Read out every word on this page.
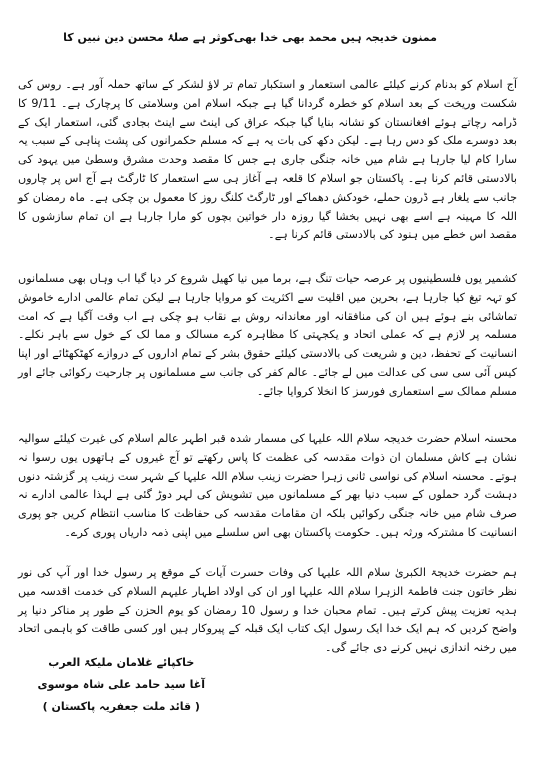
ممنون خدیجہ ہیں محمد بھی خدا بھی
کوثر ہے صلۂ محسن دین نبیں کا

آج اسلام کو بدنام کرنے کیلئے عالمی استعمار و استکبار تمام تر لاؤ لشکر کے ساتھ حملہ آور ہے۔ روس کی شکست وریخت کے بعد اسلام کو خطرہ گردانا گیا ہے جبکہ اسلام امن وسلامتی کا پرچارک ہے۔ 9/11 کا ڈرامہ رچاتے ہوئے افغانستان کو نشانہ بنایا گیا جبکہ عراق کی اینٹ سے اینٹ بجادی گئی، استعمار ایک کے بعد دوسرے ملک کو دس رہا ہے۔ لیکن دکھ کی بات یہ ہے کہ مسلم حکمرانوں کی پشت پناہی کے سبب یہ سارا کام لیا جارہا ہے شام میں خانہ جنگی جاری ہے جس کا مقصد وحدت مشرق وسطیٰ میں یہود کی بالادستی قائم کرنا ہے۔ پاکستان جو اسلام کا قلعہ ہے آغاز ہی سے استعمار کا ٹارگٹ ہے آج اس پر چاروں جانب سے یلغار ہے ڈرون حملے، خودکش دھماکے اور ٹارگٹ کلنگ روز کا معمول بن چکی ہے۔ ماہ رمضان کو اللہ کا مہینہ ہے اسے بھی نہیں بخشا گیا روزہ دار خواتین بچوں کو مارا جارہا ہے ان تمام سازشوں کا مقصد اس خطے میں ہنود کی بالادستی قائم کرنا ہے۔

کشمیر یوں فلسطینیوں پر عرصہ حیات تنگ ہے، برما میں نیا کھیل شروع کر دیا گیا اب وہاں بھی مسلمانوں کو تہہ تیغ کیا جارہا ہے، بحرین میں اقلیت سے اکثریت کو مروایا جارہا ہے لیکن تمام عالمی ادارے خاموش تماشائی بنے ہوئے ہیں ان کی منافقانہ اور معاندانہ روش بے نقاب ہو چکی ہے اب وقت آگیا ہے کہ امت مسلمہ پر لازم ہے کہ عملی اتحاد و یکجہتی کا مظاہرہ کرے مسالک و مما لک کے خول سے باہر نکلے۔ انسانیت کے تحفظ، دین و شریعت کی بالادستی کیلئے حقوق بشر کے تمام اداروں کے دروازے کھٹکھٹائے اور اپنا کیس آئی سی سی کی عدالت میں لے جائے۔ عالم کفر کی جانب سے مسلمانوں پر جارحیت رکوائی جائے اور مسلم ممالک سے استعماری فورسز کا انخلا کروایا جائے۔

محسنہ اسلام حضرت خدیجہ سلام اللہ علیہا کی مسمار شدہ قبر اطہر عالم اسلام کی غیرت کیلئے سوالیہ نشان ہے کاش مسلمان ان ذوات مقدسہ کی عظمت کا پاس رکھتے تو آج غیروں کے ہاتھوں یوں رسوا نہ ہوتے۔ محسنہ اسلام کی نواسی ثانی زہرا حضرت زینب سلام اللہ علیہا کے شہر ست زینب پر گزشتہ دنوں دہشت گرد حملوں کے سبب دنیا بھر کے مسلمانوں میں تشویش کی لہر دوڑ گئی ہے لہذا عالمی ادارے نہ صرف شام میں خانہ جنگی رکوائیں بلکہ ان مقامات مقدسہ کی حفاظت کا مناسب انتظام کریں جو پوری انسانیت کا مشترکہ ورثہ ہیں۔ حکومت پاکستان بھی اس سلسلے میں اپنی ذمہ داریاں پوری کرے۔

ہم حضرت خدیجۃ الکبریٰ سلام اللہ علیہا کی وفات حسرت آیات کے موقع پر رسول خدا اور آپ کی نور نظر خاتون جنت فاطمۃ الزہرا سلام اللہ علیہا اور ان کی اولاد اطہار علیہم السلام کی خدمت اقدسہ میں ہدیہ تعزیت پیش کرتے ہیں۔ تمام محبان خدا و رسول 10 رمضان کو یوم الحزن کے طور پر مناکر دنیا پر واضح کردیں کہ ہم ایک خدا ایک رسول ایک کتاب ایک قبلہ کے پیروکار ہیں اور کسی طاقت کو باہمی اتحاد میں رخنہ اندازی نہیں کرنے دی جائے گی۔

خاکپائے غلامان ملیکۃ العرب
آغا سید حامد علی شاہ موسوی
( قائد ملت جعفریہ پاکستان )
